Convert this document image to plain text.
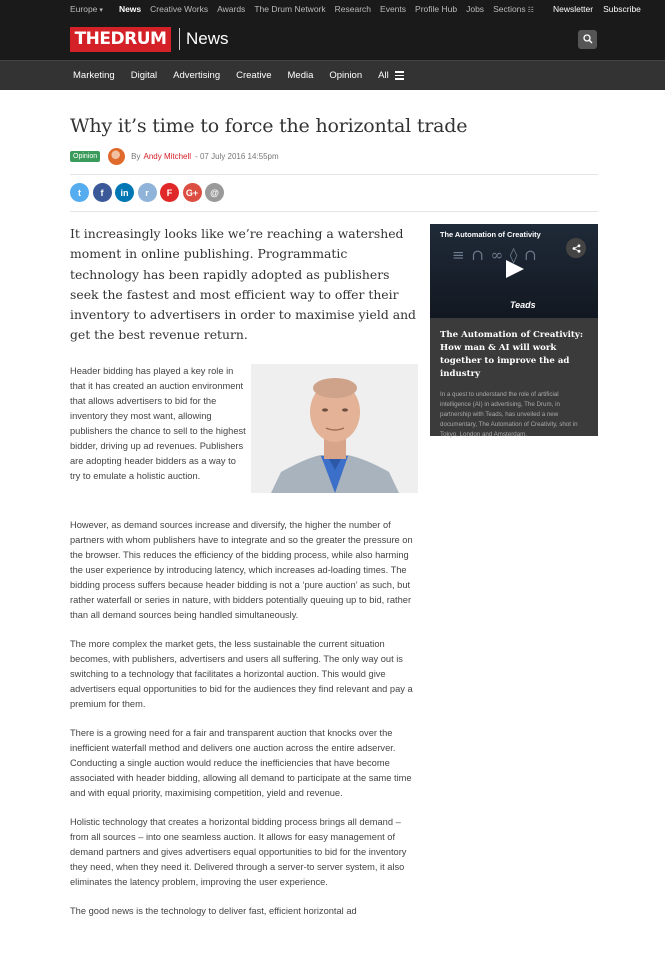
Europe ▾ News Creative Works Awards The Drum Network Research Events Profile Hub Jobs Sections ☷ Newsletter Subscribe
THEDRUM News
Marketing Digital Advertising Creative Media Opinion All
Why it’s time to force the horizontal trade
Opinion	By Andy Mitchell - 07 July 2016 14:55pm
t	f	in	r	F	G+	@

It increasingly looks like we’re reaching a watershed moment in online publishing. Programmatic technology has been rapidly adopted as publishers seek the fastest and most efficient way to offer their inventory to advertisers in order to maximise yield and get the best revenue return.

Header bidding has played a key role in that it has created an auction environment that allows advertisers to bid for the inventory they most want, allowing publishers the chance to sell to the highest bidder, driving up ad revenues. Publishers are adopting header bidders as a way to try to emulate a holistic auction.

However, as demand sources increase and diversify, the higher the number of partners with whom publishers have to integrate and so the greater the pressure on the browser. This reduces the efficiency of the bidding process, while also harming the user experience by introducing latency, which increases ad-loading times. The bidding process suffers because header bidding is not a ‘pure auction’ as such, but rather waterfall or series in nature, with bidders potentially queuing up to bid, rather than all demand sources being handled simultaneously.

The more complex the market gets, the less sustainable the current situation becomes, with publishers, advertisers and users all suffering. The only way out is switching to a technology that facilitates a horizontal auction. This would give advertisers equal opportunities to bid for the audiences they find relevant and pay a premium for them.

There is a growing need for a fair and transparent auction that knocks over the inefficient waterfall method and delivers one auction across the entire adserver. Conducting a single auction would reduce the inefficiencies that have become associated with header bidding, allowing all demand to participate at the same time and with equal priority, maximising competition, yield and revenue.

Holistic technology that creates a horizontal bidding process brings all demand – from all sources – into one seamless auction. It allows for easy management of demand partners and gives advertisers equal opportunities to bid for the inventory they need, when they need it. Delivered through a server-to server system, it also eliminates the latency problem, improving the user experience.

The good news is the technology to deliver fast, efficient horizontal ad

≡ ∩ ∞ ◊ ∩
The Automation of Creativity
Teads
The Automation of Creativity: How man & AI will work together to improve the ad industry
In a quest to understand the role of artificial intelligence (AI) in advertising, The Drum, in partnership with Teads, has unveiled a new documentary, The Automation of Creativity, shot in Tokyo, London and Amsterdam.
